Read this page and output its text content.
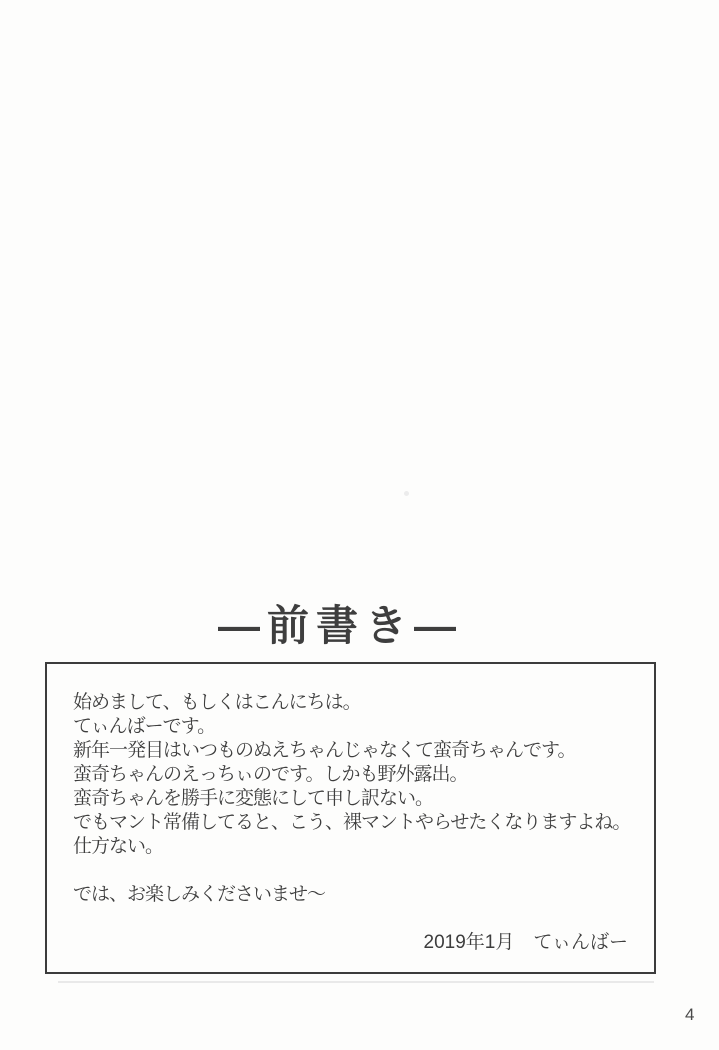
―前書き―
始めまして、もしくはこんにちは。
てぃんばーです。
新年一発目はいつものぬえちゃんじゃなくて蛮奇ちゃんです。
蛮奇ちゃんのえっちぃのです。しかも野外露出。
蛮奇ちゃんを勝手に変態にして申し訳ない。
でもマント常備してると、こう、裸マントやらせたくなりますよね。
仕方ない。
では、お楽しみくださいませ～
2019年1月　てぃんばー
4
